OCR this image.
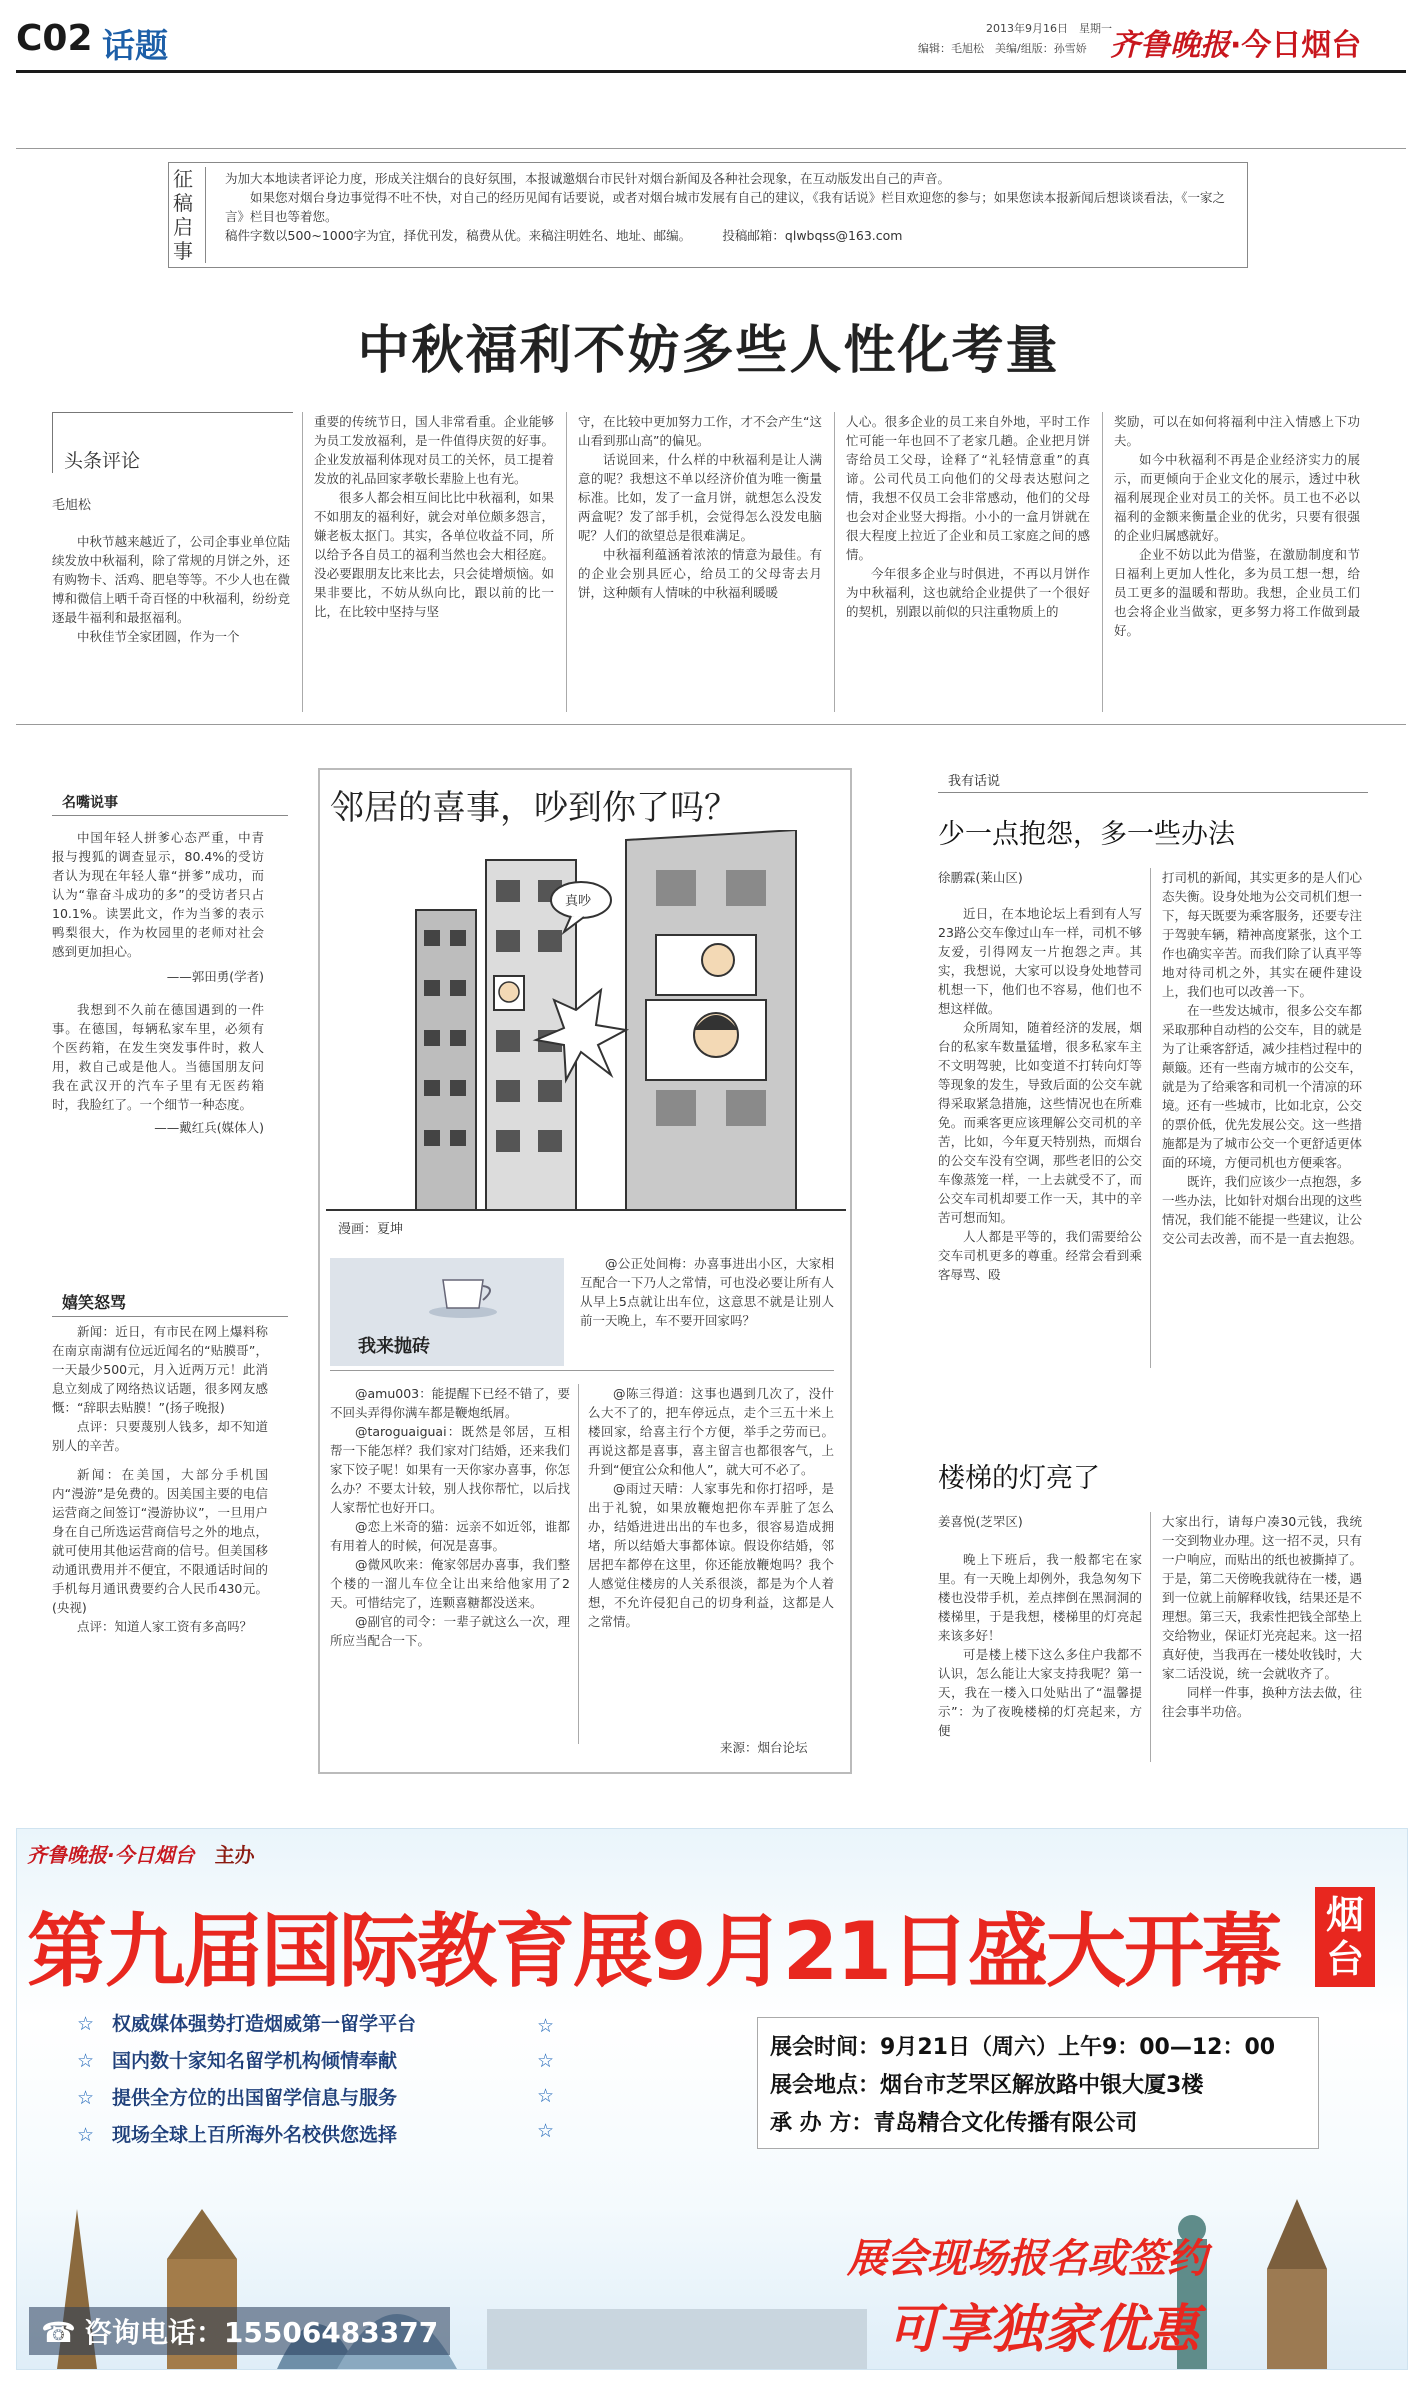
C02 话题	2013年9月16日　星期一
编辑：毛旭松　美编/组版：孙雪娇 齐鲁晚报·今日烟台
征稿启事
为加大本地读者评论力度，形成关注烟台的良好氛围，本报诚邀烟台市民针对烟台新闻及各种社会现象，在互动版发出自己的声音。
如果您对烟台身边事觉得不吐不快，对自己的经历见闻有话要说，或者对烟台城市发展有自己的建议，《我有话说》栏目欢迎您的参与；如果您读本报新闻后想谈谈看法，《一家之言》栏目也等着您。
稿件字数以500~1000字为宜，择优刊发，稿费从优。来稿注明姓名、地址、邮编。　　　	投稿邮箱：qlwbqss@163.com
中秋福利不妨多些人性化考量
头条评论
毛旭松

中秋节越来越近了，公司企事业单位陆续发放中秋福利，除了常规的月饼之外，还有购物卡、活鸡、肥皂等等。不少人也在微博和微信上晒千奇百怪的中秋福利，纷纷竞逐最牛福利和最抠福利。

中秋佳节全家团圆，作为一个

重要的传统节日，国人非常看重。企业能够为员工发放福利，是一件值得庆贺的好事。企业发放福利体现对员工的关怀，员工提着发放的礼品回家孝敬长辈脸上也有光。

很多人都会相互间比比中秋福利，如果不如朋友的福利好，就会对单位颇多怨言，嫌老板太抠门。其实，各单位收益不同，所以给予各自员工的福利当然也会大相径庭。没必要跟朋友比来比去，只会徒增烦恼。如果非要比，不妨从纵向比，跟以前的比一比，在比较中坚持与坚

守，在比较中更加努力工作，才不会产生“这山看到那山高”的偏见。

话说回来，什么样的中秋福利是让人满意的呢？我想这不单以经济价值为唯一衡量标准。比如，发了一盒月饼，就想怎么没发两盒呢？发了部手机，会觉得怎么没发电脑呢？人们的欲望总是很难满足。

中秋福利蕴涵着浓浓的情意为最佳。有的企业会别具匠心，给员工的父母寄去月饼，这种颇有人情味的中秋福利暖暖

人心。很多企业的员工来自外地，平时工作忙可能一年也回不了老家几趟。企业把月饼寄给员工父母，诠释了“礼轻情意重”的真谛。公司代员工向他们的父母表达慰问之情，我想不仅员工会非常感动，他们的父母也会对企业竖大拇指。小小的一盒月饼就在很大程度上拉近了企业和员工家庭之间的感情。

今年很多企业与时俱进，不再以月饼作为中秋福利，这也就给企业提供了一个很好的契机，别跟以前似的只注重物质上的

奖励，可以在如何将福利中注入情感上下功夫。

如今中秋福利不再是企业经济实力的展示，而更倾向于企业文化的展示，透过中秋福利展现企业对员工的关怀。员工也不必以福利的金额来衡量企业的优劣，只要有很强的企业归属感就好。

企业不妨以此为借鉴，在激励制度和节日福利上更加人性化，多为员工想一想，给员工更多的温暖和帮助。我想，企业员工们也会将企业当做家，更多努力将工作做到最好。

名嘴说事

中国年轻人拼爹心态严重，中青报与搜狐的调查显示，80.4%的受访者认为现在年轻人靠“拼爹”成功，而认为“靠奋斗成功的多”的受访者只占10.1%。读罢此文，作为当爹的表示鸭梨很大，作为枚园里的老师对社会感到更加担心。

——郭田勇(学者)

我想到不久前在德国遇到的一件事。在德国，每辆私家车里，必须有个医药箱，在发生突发事件时，救人用，救自己或是他人。当德国朋友问我在武汉开的汽车子里有无医药箱时，我脸红了。一个细节一种态度。

——戴红兵(媒体人)
嬉笑怒骂

新闻：近日，有市民在网上爆料称在南京南湖有位远近闻名的“贴膜哥”，一天最少500元，月入近两万元！此消息立刻成了网络热议话题，很多网友感慨：“辞职去贴膜！”(扬子晚报)

点评：只要蔑别人钱多，却不知道别人的辛苦。

新闻：在美国，大部分手机国内“漫游”是免费的。因美国主要的电信运营商之间签订“漫游协议”，一旦用户身在自己所选运营商信号之外的地点，就可使用其他运营商的信号。但美国移动通讯费用并不便宜，不限通话时间的手机每月通讯费要约合人民币430元。(央视)

点评：知道人家工资有多高吗？

邻居的喜事，吵到你了吗？
真吵
漫画：夏坤
我来抛砖

@公正处间梅：办喜事进出小区，大家相互配合一下乃人之常情，可也没必要让所有人从早上5点就让出车位，这意思不就是让别人前一天晚上，车不要开回家吗？

@amu003：能提醒下已经不错了，要不回头弄得你满车都是鞭炮纸屑。

@taroguaiguai：既然是邻居，互相帮一下能怎样？我们家对门结婚，还来我们家下饺子呢！如果有一天你家办喜事，你怎么办？不要太计较，别人找你帮忙，以后找人家帮忙也好开口。

@恋上米奇的猫：远亲不如近邻，谁都有用着人的时候，何况是喜事。

@微风吹来：俺家邻居办喜事，我们整个楼的一溜儿车位全让出来给他家用了2天。可惜结完了，连颗喜糖都没送来。

@副官的司令：一辈子就这么一次，理所应当配合一下。

@陈三得道：这事也遇到几次了，没什么大不了的，把车停远点，走个三五十米上楼回家，给喜主行个方便，举手之劳而已。再说这都是喜事，喜主留言也都很客气，上升到“便宜公众和他人”，就大可不必了。

@雨过天晴：人家事先和你打招呼，是出于礼貌，如果放鞭炮把你车弄脏了怎么办，结婚进进出出的车也多，很容易造成拥堵，所以结婚大事都体谅。假设你结婚，邻居把车都停在这里，你还能放鞭炮吗？我个人感觉住楼房的人关系很淡，都是为个人着想，不允许侵犯自己的切身利益，这都是人之常情。

来源：烟台论坛
我有话说
少一点抱怨，多一些办法
徐鹏霖(莱山区)

近日，在本地论坛上看到有人写23路公交车像过山车一样，司机不够友爱，引得网友一片抱怨之声。其实，我想说，大家可以设身处地替司机想一下，他们也不容易，他们也不想这样做。

众所周知，随着经济的发展，烟台的私家车数量猛增，很多私家车主不文明驾驶，比如变道不打转向灯等等现象的发生，导致后面的公交车就得采取紧急措施，这些情况也在所难免。而乘客更应该理解公交司机的辛苦，比如，今年夏天特别热，而烟台的公交车没有空调，那些老旧的公交车像蒸笼一样，一上去就受不了，而公交车司机却要工作一天，其中的辛苦可想而知。

人人都是平等的，我们需要给公交车司机更多的尊重。经常会看到乘客辱骂、殴

打司机的新闻，其实更多的是人们心态失衡。设身处地为公交司机们想一下，每天既要为乘客服务，还要专注于驾驶车辆，精神高度紧张，这个工作也确实辛苦。而我们除了认真平等地对待司机之外，其实在硬件建设上，我们也可以改善一下。

在一些发达城市，很多公交车都采取那种自动档的公交车，目的就是为了让乘客舒适，减少挂档过程中的颠簸。还有一些南方城市的公交车，就是为了给乘客和司机一个清凉的环境。还有一些城市，比如北京，公交的票价低，优先发展公交。这一些措施都是为了城市公交一个更舒适更体面的环境，方便司机也方便乘客。

既许，我们应该少一点抱怨，多一些办法，比如针对烟台出现的这些情况，我们能不能提一些建议，让公交公司去改善，而不是一直去抱怨。

楼梯的灯亮了
姜喜悦(芝罘区)

晚上下班后，我一般都宅在家里。有一天晚上却例外，我急匆匆下楼也没带手机，差点摔倒在黑洞洞的楼梯里，于是我想，楼梯里的灯亮起来该多好！

可是楼上楼下这么多住户我都不认识，怎么能让大家支持我呢？第一天，我在一楼入口处贴出了“温馨提示”：为了夜晚楼梯的灯亮起来，方便

大家出行，请每户凑30元钱，我统一交到物业办理。这一招不灵，只有一户响应，而贴出的纸也被撕掉了。于是，第二天傍晚我就待在一楼，遇到一位就上前解释收钱，结果还是不理想。第三天，我索性把钱全部垫上交给物业，保证灯光亮起来。这一招真好使，当我再在一楼处收钱时，大家二话没说，统一会就收齐了。

同样一件事，换种方法去做，往往会事半功倍。

齐鲁晚报·今日烟台　 主办
第九届国际教育展9月21日盛大开幕 烟台
☆ 权威媒体强势打造烟威第一留学平台
☆ 国内数十家知名留学机构倾情奉献
☆ 提供全方位的出国留学信息与服务
☆ 现场全球上百所海外名校供您选择
☆
☆
☆
☆
展会时间：9月21日（周六）上午9：00—12：00
展会地点：烟台市芝罘区解放路中银大厦3楼
承 办 方：青岛精合文化传播有限公司
☎ 咨询电话：15506483377
展会现场报名或签约
可享独家优惠
